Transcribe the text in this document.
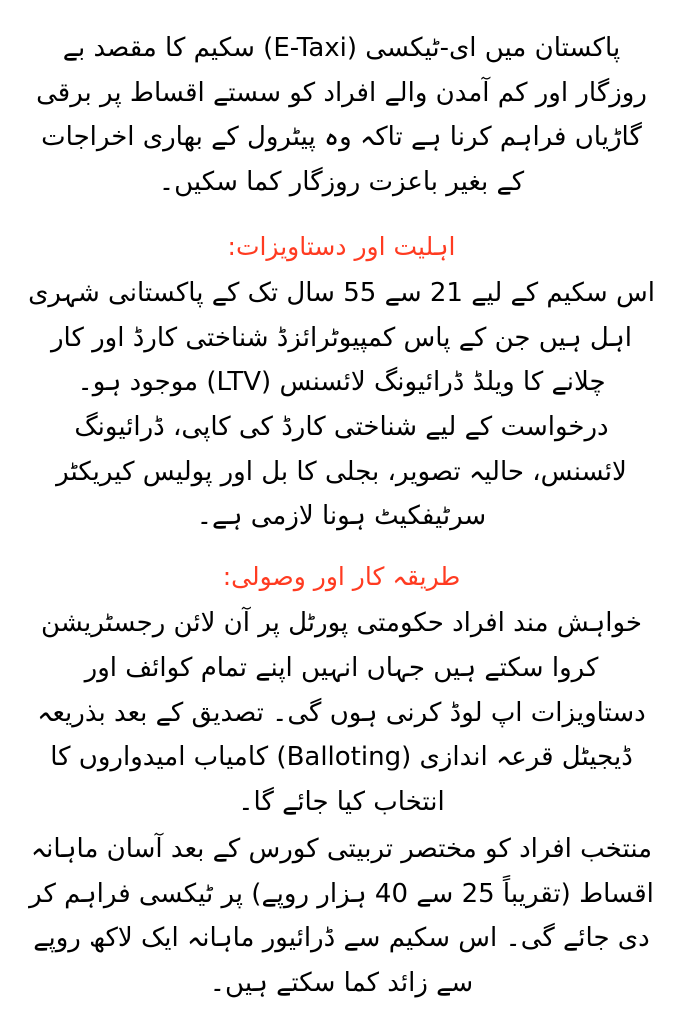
پاکستان میں ای-ٹیکسی (E-Taxi) سکیم کا مقصد بے روزگار اور کم آمدن والے افراد کو سستے اقساط پر برقی گاڑیاں فراہم کرنا ہے تاکہ وہ پیٹرول کے بھاری اخراجات کے بغیر باعزت روزگار کما سکیں۔

اہلیت اور دستاویزات:

اس سکیم کے لیے 21 سے 55 سال تک کے پاکستانی شہری اہل ہیں جن کے پاس کمپیوٹرائزڈ شناختی کارڈ اور کار چلانے کا ویلڈ ڈرائیونگ لائسنس (LTV) موجود ہو۔ درخواست کے لیے شناختی کارڈ کی کاپی، ڈرائیونگ لائسنس، حالیہ تصویر، بجلی کا بل اور پولیس کیریکٹر سرٹیفکیٹ ہونا لازمی ہے۔

طریقہ کار اور وصولی:

خواہش مند افراد حکومتی پورٹل پر آن لائن رجسٹریشن کروا سکتے ہیں جہاں انہیں اپنے تمام کوائف اور دستاویزات اپ لوڈ کرنی ہوں گی۔ تصدیق کے بعد بذریعہ ڈیجیٹل قرعہ اندازی (Balloting) کامیاب امیدواروں کا انتخاب کیا جائے گا۔

منتخب افراد کو مختصر تربیتی کورس کے بعد آسان ماہانہ اقساط (تقریباً 25 سے 40 ہزار روپے) پر ٹیکسی فراہم کر دی جائے گی۔ اس سکیم سے ڈرائیور ماہانہ ایک لاکھ روپے سے زائد کما سکتے ہیں۔
